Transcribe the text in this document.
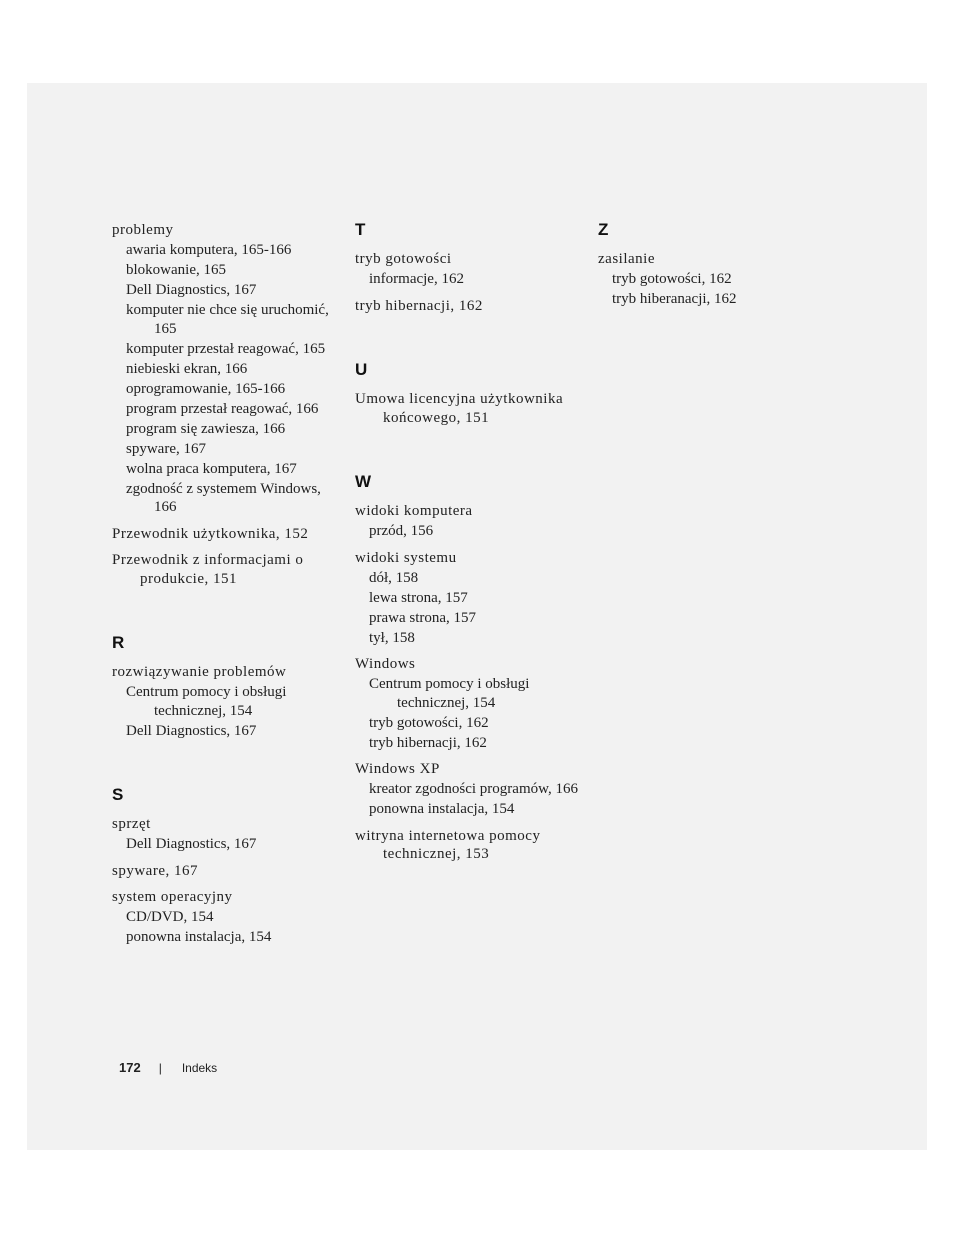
problemy
awaria komputera, 165-166
blokowanie, 165
Dell Diagnostics, 167
komputer nie chce się uruchomić, 165
komputer przestał reagować, 165
niebieski ekran, 166
oprogramowanie, 165-166
program przestał reagować, 166
program się zawiesza, 166
spyware, 167
wolna praca komputera, 167
zgodność z systemem Windows, 166
Przewodnik użytkownika, 152
Przewodnik z informacjami o produkcie, 151
R
rozwiązywanie problemów
Centrum pomocy i obsługi technicznej, 154
Dell Diagnostics, 167
S
sprzęt
Dell Diagnostics, 167
spyware, 167
system operacyjny
CD/DVD, 154
ponowna instalacja, 154
T
tryb gotowości
informacje, 162
tryb hibernacji, 162
U
Umowa licencyjna użytkownika końcowego, 151
W
widoki komputera
przód, 156
widoki systemu
dół, 158
lewa strona, 157
prawa strona, 157
tył, 158
Windows
Centrum pomocy i obsługi technicznej, 154
tryb gotowości, 162
tryb hibernacji, 162
Windows XP
kreator zgodności programów, 166
ponowna instalacja, 154
witryna internetowa pomocy technicznej, 153
Z
zasilanie
tryb gotowości, 162
tryb hiberanacji, 162
172 | Indeks
